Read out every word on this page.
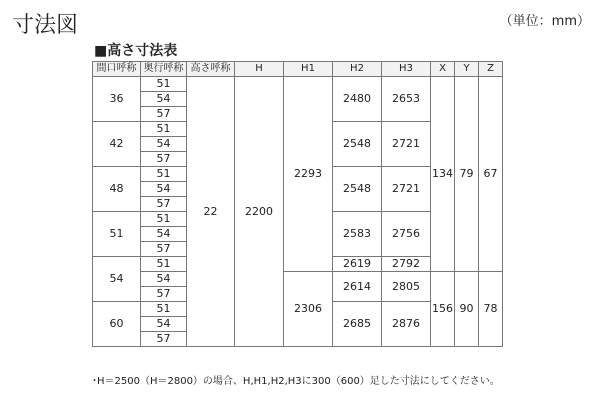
寸法図	（単位：mm）
■高さ寸法表
間口呼称	奥行呼称	高さ呼称	H	H1	H2	H3	X	Y	Z
36	51	22	2200	2293	2480	2653	134	79	67
	54								
	57								
42	51				2548	2721			
	54								
	57								
48	51				2548	2721			
	54								
	57								
51	51				2583	2756			
	54								
	57								
54	51				2619	2792			
	54			2306	2614	2805	156	90	78
	57								
60	51				2685	2876			
	54								
	57								
･H＝2500（H＝2800）の場合、H,H1,H2,H3に300（600）足した寸法にしてください。
